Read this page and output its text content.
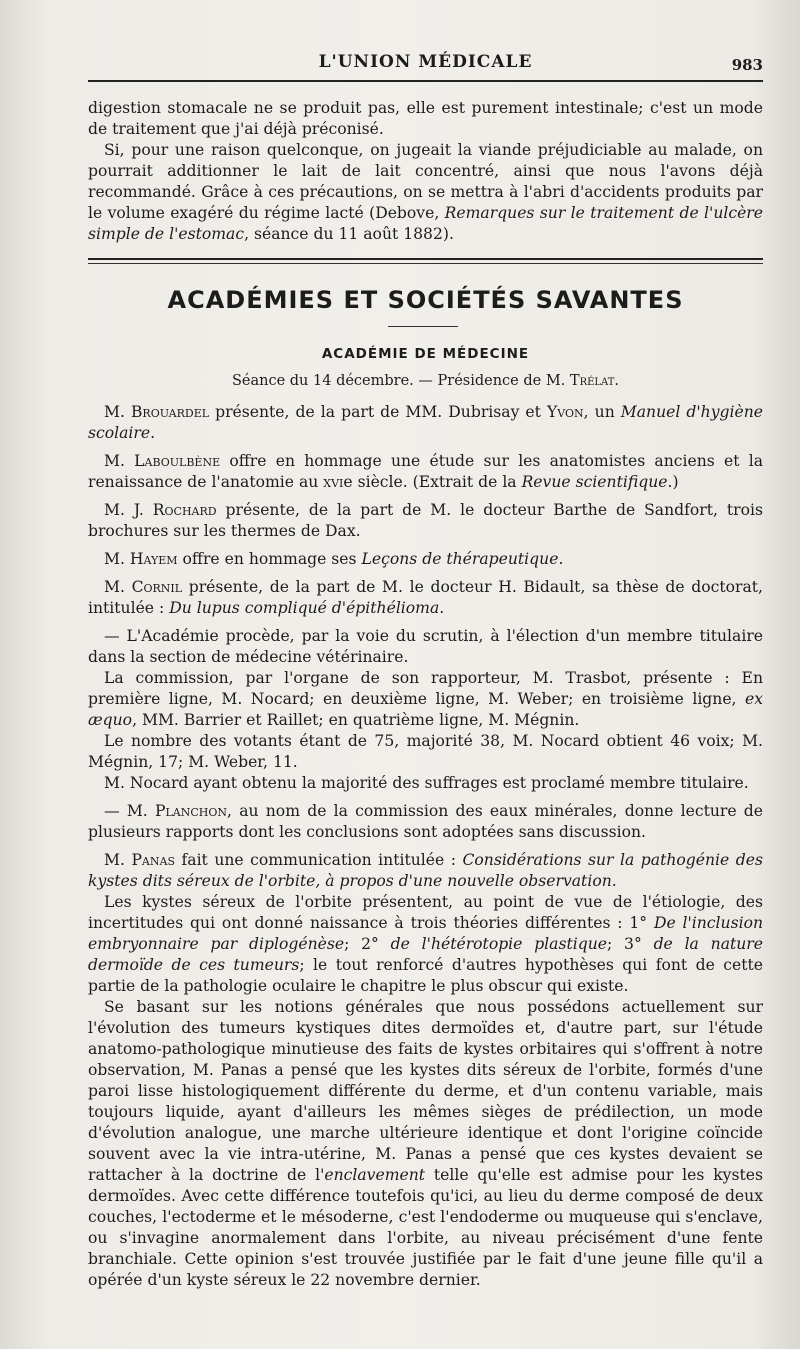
L'UNION MÉDICALE	983

digestion stomacale ne se produit pas, elle est purement intestinale; c'est un mode de traitement que j'ai déjà préconisé.

Si, pour une raison quelconque, on jugeait la viande préjudiciable au malade, on pourrait additionner le lait de lait concentré, ainsi que nous l'avons déjà recommandé. Grâce à ces précautions, on se mettra à l'abri d'accidents produits par le volume exagéré du régime lacté (Debove, Remarques sur le traitement de l'ulcère simple de l'estomac, séance du 11 août 1882).

ACADÉMIES ET SOCIÉTÉS SAVANTES
ACADÉMIE DE MÉDECINE
Séance du 14 décembre. — Présidence de M. Trélat.

M. Brouardel présente, de la part de MM. Dubrisay et Yvon, un Manuel d'hygiène scolaire.

M. Laboulbène offre en hommage une étude sur les anatomistes anciens et la renaissance de l'anatomie au xvie siècle. (Extrait de la Revue scientifique.)

M. J. Rochard présente, de la part de M. le docteur Barthe de Sandfort, trois brochures sur les thermes de Dax.

M. Hayem offre en hommage ses Leçons de thérapeutique.

M. Cornil présente, de la part de M. le docteur H. Bidault, sa thèse de doctorat, intitulée : Du lupus compliqué d'épithélioma.

— L'Académie procède, par la voie du scrutin, à l'élection d'un membre titulaire dans la section de médecine vétérinaire.

La commission, par l'organe de son rapporteur, M. Trasbot, présente : En première ligne, M. Nocard; en deuxième ligne, M. Weber; en troisième ligne, ex æquo, MM. Barrier et Raillet; en quatrième ligne, M. Mégnin.

Le nombre des votants étant de 75, majorité 38, M. Nocard obtient 46 voix; M. Mégnin, 17; M. Weber, 11.

M. Nocard ayant obtenu la majorité des suffrages est proclamé membre titulaire.

— M. Planchon, au nom de la commission des eaux minérales, donne lecture de plusieurs rapports dont les conclusions sont adoptées sans discussion.

M. Panas fait une communication intitulée : Considérations sur la pathogénie des kystes dits séreux de l'orbite, à propos d'une nouvelle observation.

Les kystes séreux de l'orbite présentent, au point de vue de l'étiologie, des incertitudes qui ont donné naissance à trois théories différentes : 1° De l'inclusion embryonnaire par diplogénèse; 2° de l'hétérotopie plastique; 3° de la nature dermoïde de ces tumeurs; le tout renforcé d'autres hypothèses qui font de cette partie de la pathologie oculaire le chapitre le plus obscur qui existe.

Se basant sur les notions générales que nous possédons actuellement sur l'évolution des tumeurs kystiques dites dermoïdes et, d'autre part, sur l'étude anatomo-pathologique minutieuse des faits de kystes orbitaires qui s'offrent à notre observation, M. Panas a pensé que les kystes dits séreux de l'orbite, formés d'une paroi lisse histologiquement différente du derme, et d'un contenu variable, mais toujours liquide, ayant d'ailleurs les mêmes sièges de prédilection, un mode d'évolution analogue, une marche ultérieure identique et dont l'origine coïncide souvent avec la vie intra-utérine, M. Panas a pensé que ces kystes devaient se rattacher à la doctrine de l'enclavement telle qu'elle est admise pour les kystes dermoïdes. Avec cette différence toutefois qu'ici, au lieu du derme composé de deux couches, l'ectoderme et le mésoderne, c'est l'endoderme ou muqueuse qui s'enclave, ou s'invagine anormalement dans l'orbite, au niveau précisément d'une fente branchiale. Cette opinion s'est trouvée justifiée par le fait d'une jeune fille qu'il a opérée d'un kyste séreux le 22 novembre dernier.
